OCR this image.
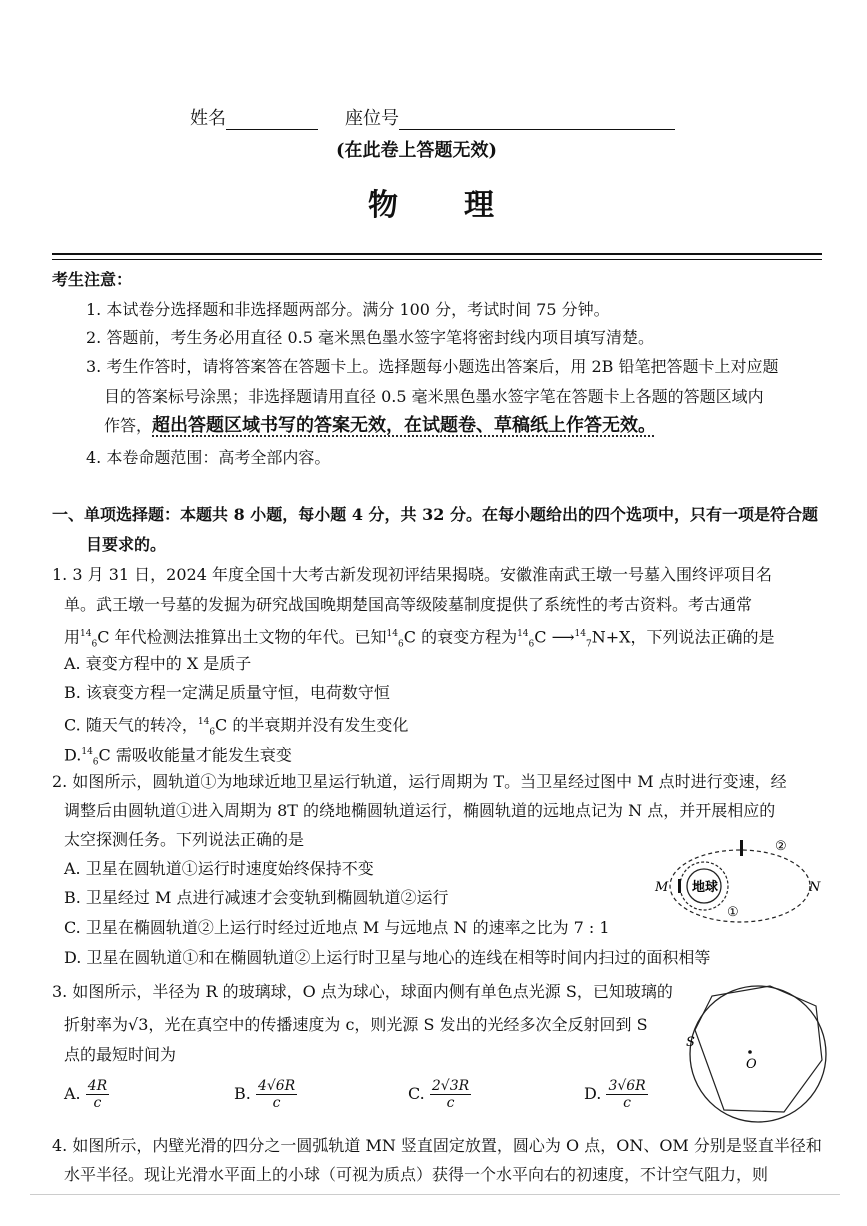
姓名	座位号
(在此卷上答题无效)
物　　理
考生注意：
1. 本试卷分选择题和非选择题两部分。满分 100 分，考试时间 75 分钟。
2. 答题前，考生务必用直径 0.5 毫米黑色墨水签字笔将密封线内项目填写清楚。
3. 考生作答时，请将答案答在答题卡上。选择题每小题选出答案后，用 2B 铅笔把答题卡上对应题
目的答案标号涂黑；非选择题请用直径 0.5 毫米黑色墨水签字笔在答题卡上各题的答题区域内
作答，超出答题区域书写的答案无效，在试题卷、草稿纸上作答无效。
4. 本卷命题范围：高考全部内容。
一、单项选择题：本题共 8 小题，每小题 4 分，共 32 分。在每小题给出的四个选项中，只有一项是符合题
目要求的。
1. 3 月 31 日，2024 年度全国十大考古新发现初评结果揭晓。安徽淮南武王墩一号墓入围终评项目名
单。武王墩一号墓的发掘为研究战国晚期楚国高等级陵墓制度提供了系统性的考古资料。考古通常
用$^{14}_6$C 年代检测法推算出土文物的年代。已知$^{14}_6$C 的衰变方程为$^{14}_6$C ⟶$^{14}_7$N+X，下列说法正确的是
A. 衰变方程中的 X 是质子
B. 该衰变方程一定满足质量守恒，电荷数守恒
C. 随天气的转冷，$^{14}_6$C 的半衰期并没有发生变化
D.$^{14}_6$C 需吸收能量才能发生衰变
2. 如图所示，圆轨道①为地球近地卫星运行轨道，运行周期为 T。当卫星经过图中 M 点时进行变速，经
调整后由圆轨道①进入周期为 8T 的绕地椭圆轨道运行，椭圆轨道的远地点记为 N 点，并开展相应的
太空探测任务。下列说法正确的是
A. 卫星在圆轨道①运行时速度始终保持不变
B. 卫星经过 M 点进行减速才会变轨到椭圆轨道②运行
C. 卫星在椭圆轨道②上运行时经过近地点 M 与远地点 N 的速率之比为 7 : 1
D. 卫星在圆轨道①和在椭圆轨道②上运行时卫星与地心的连线在相等时间内扫过的面积相等
地球
M	N
①
②
3. 如图所示，半径为 R 的玻璃球，O 点为球心，球面内侧有单色点光源 S，已知玻璃的
折射率为√3，光在真空中的传播速度为 c，则光源 S 发出的光经多次全反射回到 S
点的最短时间为
A. $\frac{4R}{c}$	B. $\frac{4√6R}{c}$	C. $\frac{2√3R}{c}$	D. $\frac{3√6R}{c}$
S
O
4. 如图所示，内壁光滑的四分之一圆弧轨道 MN 竖直固定放置，圆心为 O 点，ON、OM 分别是竖直半径和
水平半径。现让光滑水平面上的小球（可视为质点）获得一个水平向右的初速度，不计空气阻力，则
